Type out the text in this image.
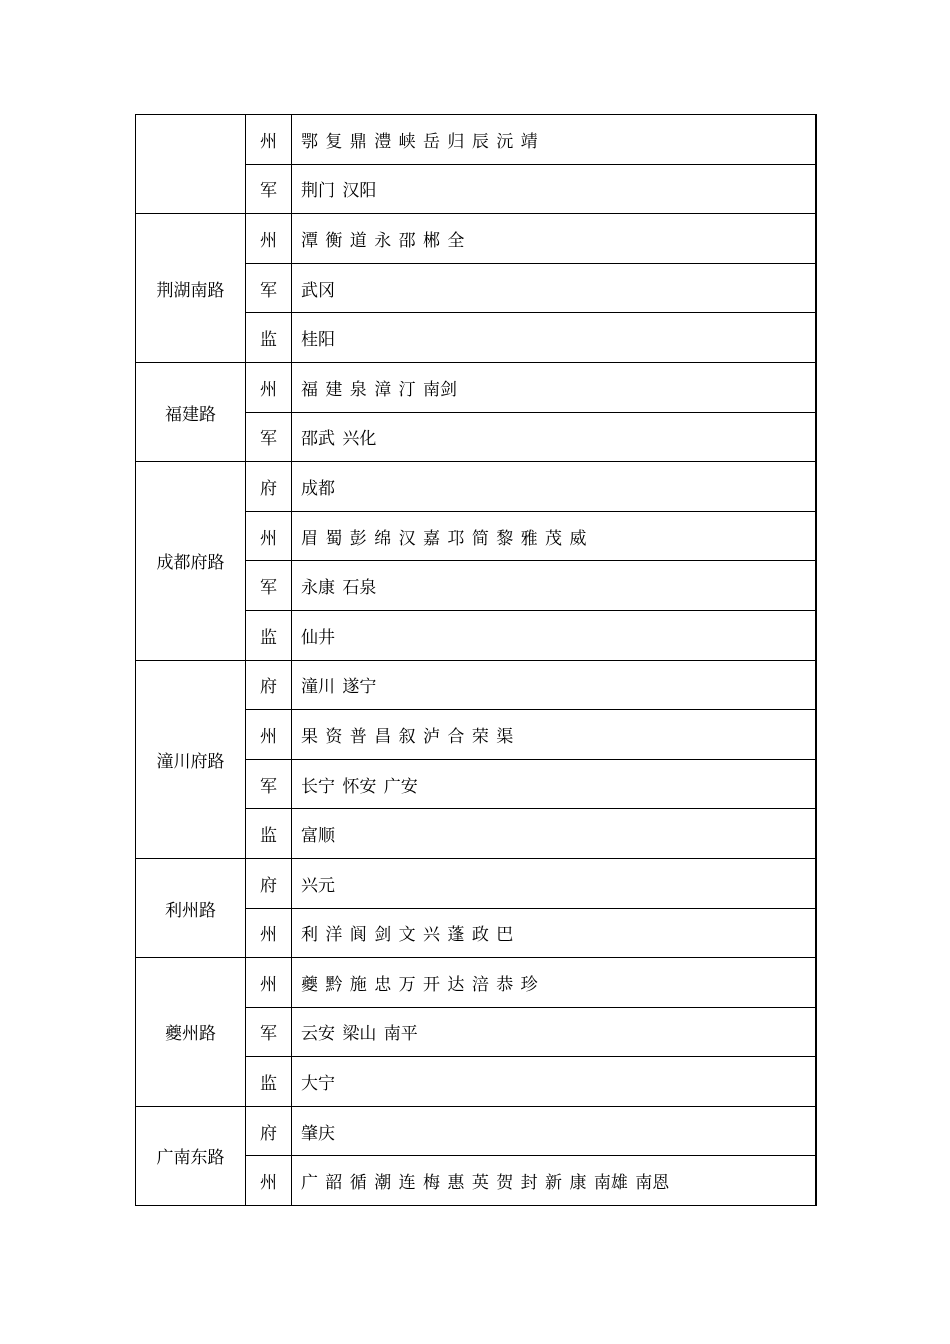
	州	鄂 复 鼎 澧 峡 岳 归 辰 沅 靖
	军	荆门 汉阳
荆湖南路	州	潭 衡 道 永 邵 郴 全
	军	武冈
	监	桂阳
福建路	州	福 建 泉 漳 汀 南剑
	军	邵武 兴化
成都府路	府	成都
	州	眉 蜀 彭 绵 汉 嘉 邛 简 黎 雅 茂 威
	军	永康 石泉
	监	仙井
潼川府路	府	潼川 遂宁
	州	果 资 普 昌 叙 泸 合 荣 渠
	军	长宁 怀安 广安
	监	富顺
利州路	府	兴元
	州	利 洋 阆 剑 文 兴 蓬 政 巴
夔州路	州	夔 黔 施 忠 万 开 达 涪 恭 珍
	军	云安 梁山 南平
	监	大宁
广南东路	府	肇庆
	州	广 韶 循 潮 连 梅 惠 英 贺 封 新 康 南雄 南恩
